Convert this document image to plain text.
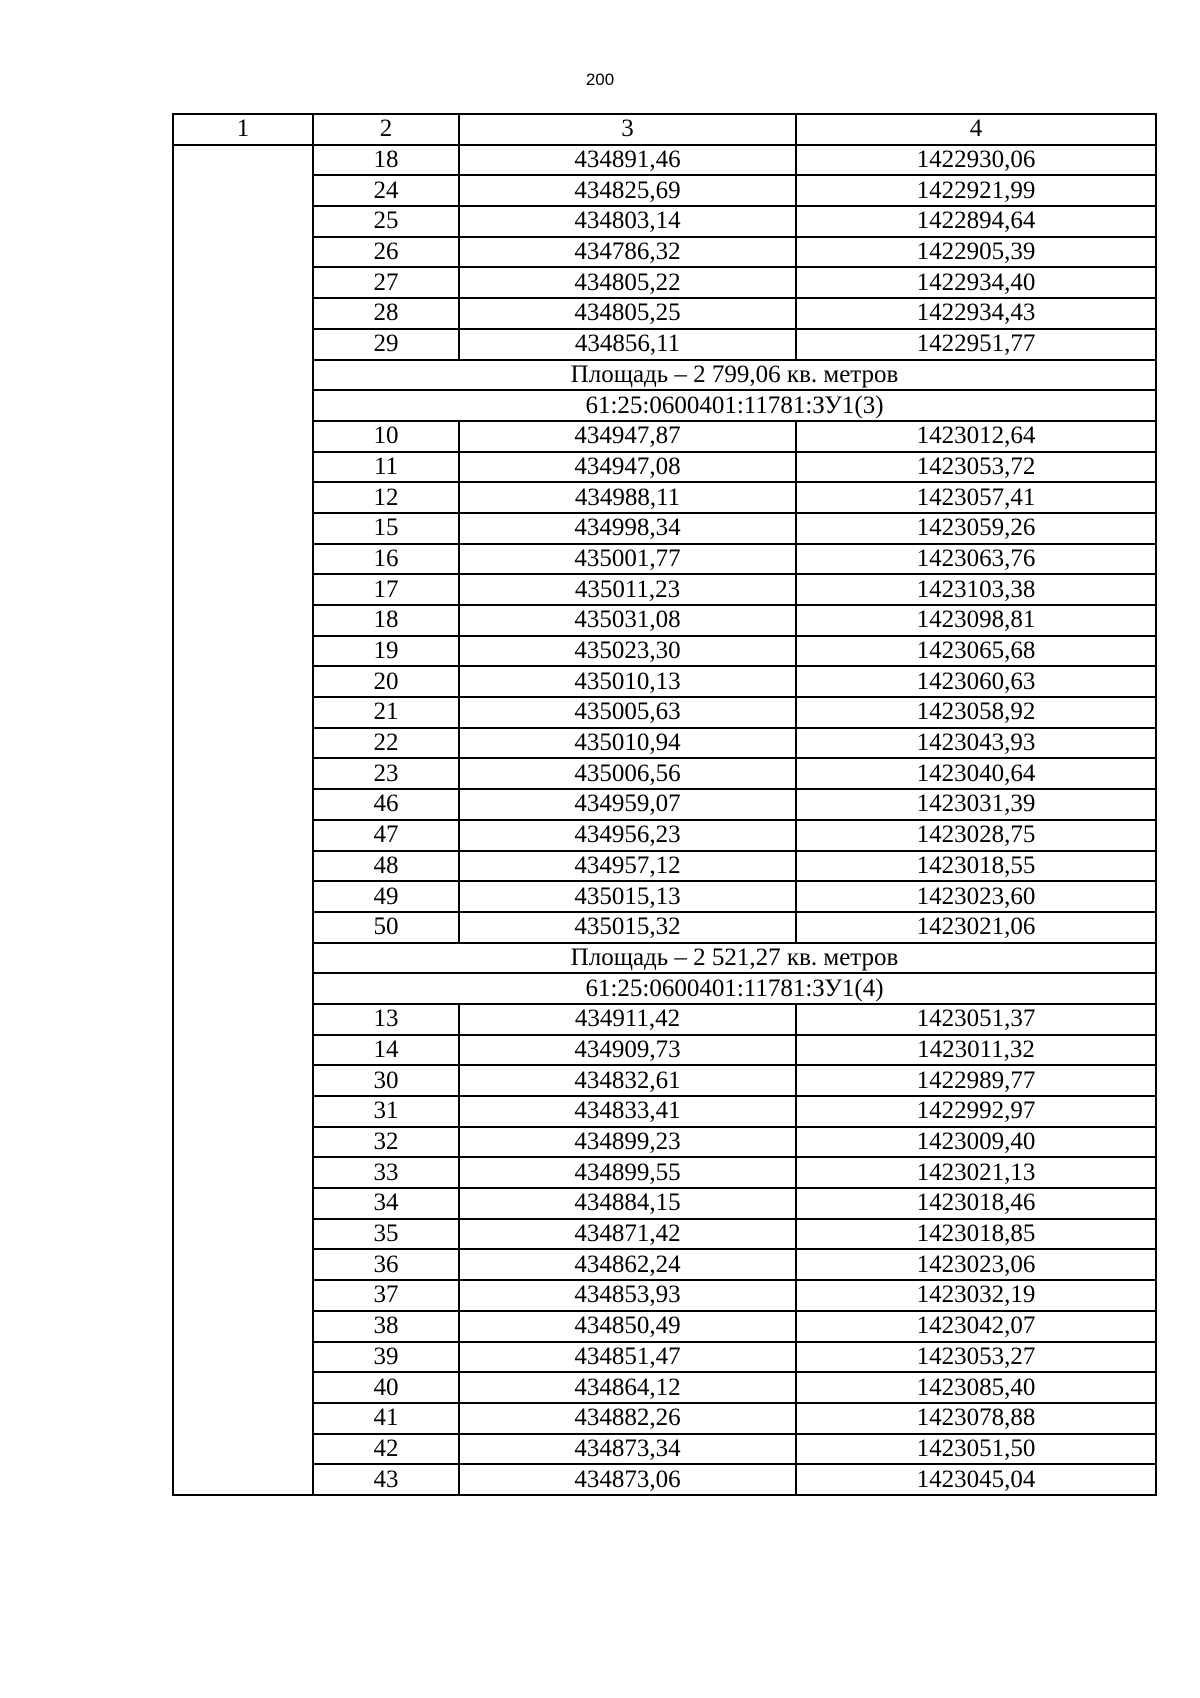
200
1	2	3	4
	18	434891,46	1422930,06
	24	434825,69	1422921,99
	25	434803,14	1422894,64
	26	434786,32	1422905,39
	27	434805,22	1422934,40
	28	434805,25	1422934,43
	29	434856,11	1422951,77
	Площадь – 2 799,06 кв. метров		
	61:25:0600401:11781:ЗУ1(3)		
	10	434947,87	1423012,64
	11	434947,08	1423053,72
	12	434988,11	1423057,41
	15	434998,34	1423059,26
	16	435001,77	1423063,76
	17	435011,23	1423103,38
	18	435031,08	1423098,81
	19	435023,30	1423065,68
	20	435010,13	1423060,63
	21	435005,63	1423058,92
	22	435010,94	1423043,93
	23	435006,56	1423040,64
	46	434959,07	1423031,39
	47	434956,23	1423028,75
	48	434957,12	1423018,55
	49	435015,13	1423023,60
	50	435015,32	1423021,06
	Площадь – 2 521,27 кв. метров		
	61:25:0600401:11781:ЗУ1(4)		
	13	434911,42	1423051,37
	14	434909,73	1423011,32
	30	434832,61	1422989,77
	31	434833,41	1422992,97
	32	434899,23	1423009,40
	33	434899,55	1423021,13
	34	434884,15	1423018,46
	35	434871,42	1423018,85
	36	434862,24	1423023,06
	37	434853,93	1423032,19
	38	434850,49	1423042,07
	39	434851,47	1423053,27
	40	434864,12	1423085,40
	41	434882,26	1423078,88
	42	434873,34	1423051,50
	43	434873,06	1423045,04
